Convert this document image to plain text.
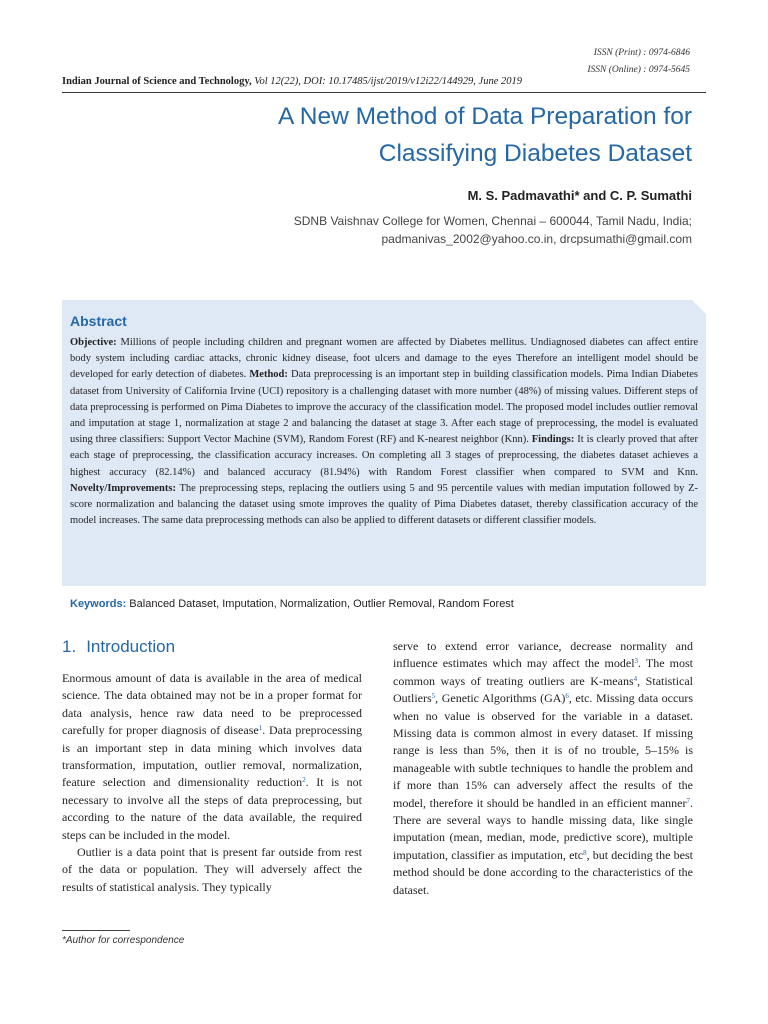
ISSN (Print) : 0974-6846
ISSN (Online) : 0974-5645
Indian Journal of Science and Technology, Vol 12(22), DOI: 10.17485/ijst/2019/v12i22/144929, June 2019
A New Method of Data Preparation for
Classifying Diabetes Dataset
M. S. Padmavathi* and C. P. Sumathi
SDNB Vaishnav College for Women, Chennai – 600044, Tamil Nadu, India;
padmanivas_2002@yahoo.co.in, drcpsumathi@gmail.com
Abstract
Objective: Millions of people including children and pregnant women are affected by Diabetes mellitus. Undiagnosed diabetes can affect entire body system including cardiac attacks, chronic kidney disease, foot ulcers and damage to the eyes Therefore an intelligent model should be developed for early detection of diabetes. Method: Data preprocessing is an important step in building classification models. Pima Indian Diabetes dataset from University of California Irvine (UCI) repository is a challenging dataset with more number (48%) of missing values. Different steps of data preprocessing is performed on Pima Diabetes to improve the accuracy of the classification model. The proposed model includes outlier removal and imputation at stage 1, normalization at stage 2 and balancing the dataset at stage 3. After each stage of preprocessing, the model is evaluated using three classifiers: Support Vector Machine (SVM), Random Forest (RF) and K-nearest neighbor (Knn). Findings: It is clearly proved that after each stage of preprocessing, the classification accuracy increases. On completing all 3 stages of preprocessing, the diabetes dataset achieves a highest accuracy (82.14%) and balanced accuracy (81.94%) with Random Forest classifier when compared to SVM and Knn. Novelty/Improvements: The preprocessing steps, replacing the outliers using 5 and 95 percentile values with median imputation followed by Z-score normalization and balancing the dataset using smote improves the quality of Pima Diabetes dataset, thereby classification accuracy of the model increases. The same data preprocessing methods can also be applied to different datasets or different classifier models.
Keywords: Balanced Dataset, Imputation, Normalization, Outlier Removal, Random Forest
1. Introduction

Enormous amount of data is available in the area of medical science. The data obtained may not be in a proper format for data analysis, hence raw data need to be preprocessed carefully for proper diagnosis of disease$^1$. Data preprocessing is an important step in data mining which involves data transformation, imputation, outlier removal, normalization, feature selection and dimensionality reduction$^2$. It is not necessary to involve all the steps of data preprocessing, but according to the nature of the data available, the required steps can be included in the model.

Outlier is a data point that is present far outside from rest of the data or population. They will adversely affect the results of statistical analysis. They typically

serve to extend error variance, decrease normality and influence estimates which may affect the model$^3$. The most common ways of treating outliers are K-means$^4$, Statistical Outliers$^5$, Genetic Algorithms (GA)$^6$, etc. Missing data occurs when no value is observed for the variable in a dataset. Missing data is common almost in every dataset. If missing range is less than 5%, then it is of no trouble, 5–15% is manageable with subtle techniques to handle the problem and if more than 15% can adversely affect the results of the model, therefore it should be handled in an efficient manner$^7$. There are several ways to handle missing data, like single imputation (mean, median, mode, predictive score), multiple imputation, classifier as imputation, etc$^8$, but deciding the best method should be done according to the characteristics of the dataset.

*Author for correspondence
